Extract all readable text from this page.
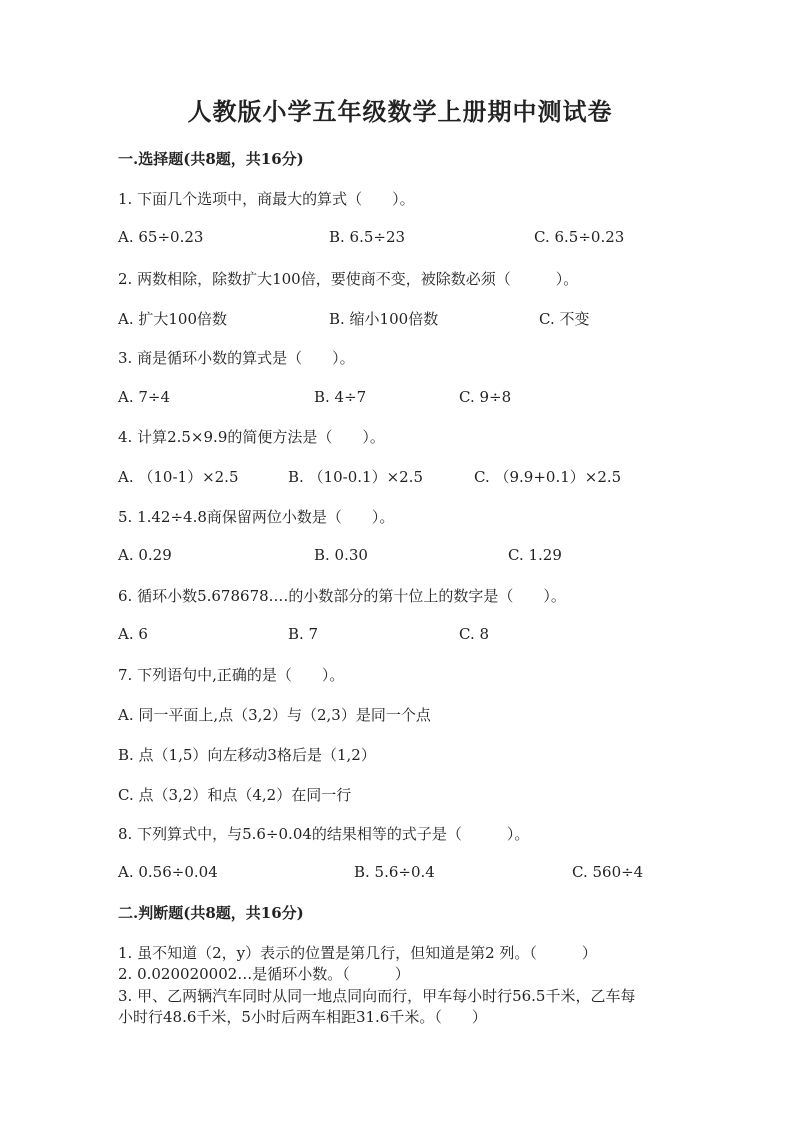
人教版小学五年级数学上册期中测试卷
一.选择题(共8题，共16分)
1. 下面几个选项中，商最大的算式（　　）。
A. 65÷0.23	B. 6.5÷23	C. 6.5÷0.23
2. 两数相除，除数扩大100倍，要使商不变，被除数必须（　　　）。
A. 扩大100倍数	B. 缩小100倍数	C. 不变
3. 商是循环小数的算式是（　　）。
A. 7÷4	B. 4÷7	C. 9÷8
4. 计算2.5×9.9的简便方法是（　　）。
A. （10-1）×2.5	B. （10-0.1）×2.5	C. （9.9+0.1）×2.5
5. 1.42÷4.8商保留两位小数是（　　）。
A. 0.29	B. 0.30	C. 1.29
6. 循环小数5.678678.…的小数部分的第十位上的数字是（　　）。
A. 6	B. 7	C. 8
7. 下列语句中,正确的是（　　）。
A. 同一平面上,点（3,2）与（2,3）是同一个点
B. 点（1,5）向左移动3格后是（1,2）
C. 点（3,2）和点（4,2）在同一行
8. 下列算式中，与5.6÷0.04的结果相等的式子是（　　　）。
A. 0.56÷0.04	B. 5.6÷0.4	C. 560÷4
二.判断题(共8题，共16分)
1. 虽不知道（2，y）表示的位置是第几行，但知道是第2 列。（　　　）
2. 0.020020002…是循环小数。（　　　）
3. 甲、乙两辆汽车同时从同一地点同向而行，甲车每小时行56.5千米，乙车每
小时行48.6千米，5小时后两车相距31.6千米。（　　）
